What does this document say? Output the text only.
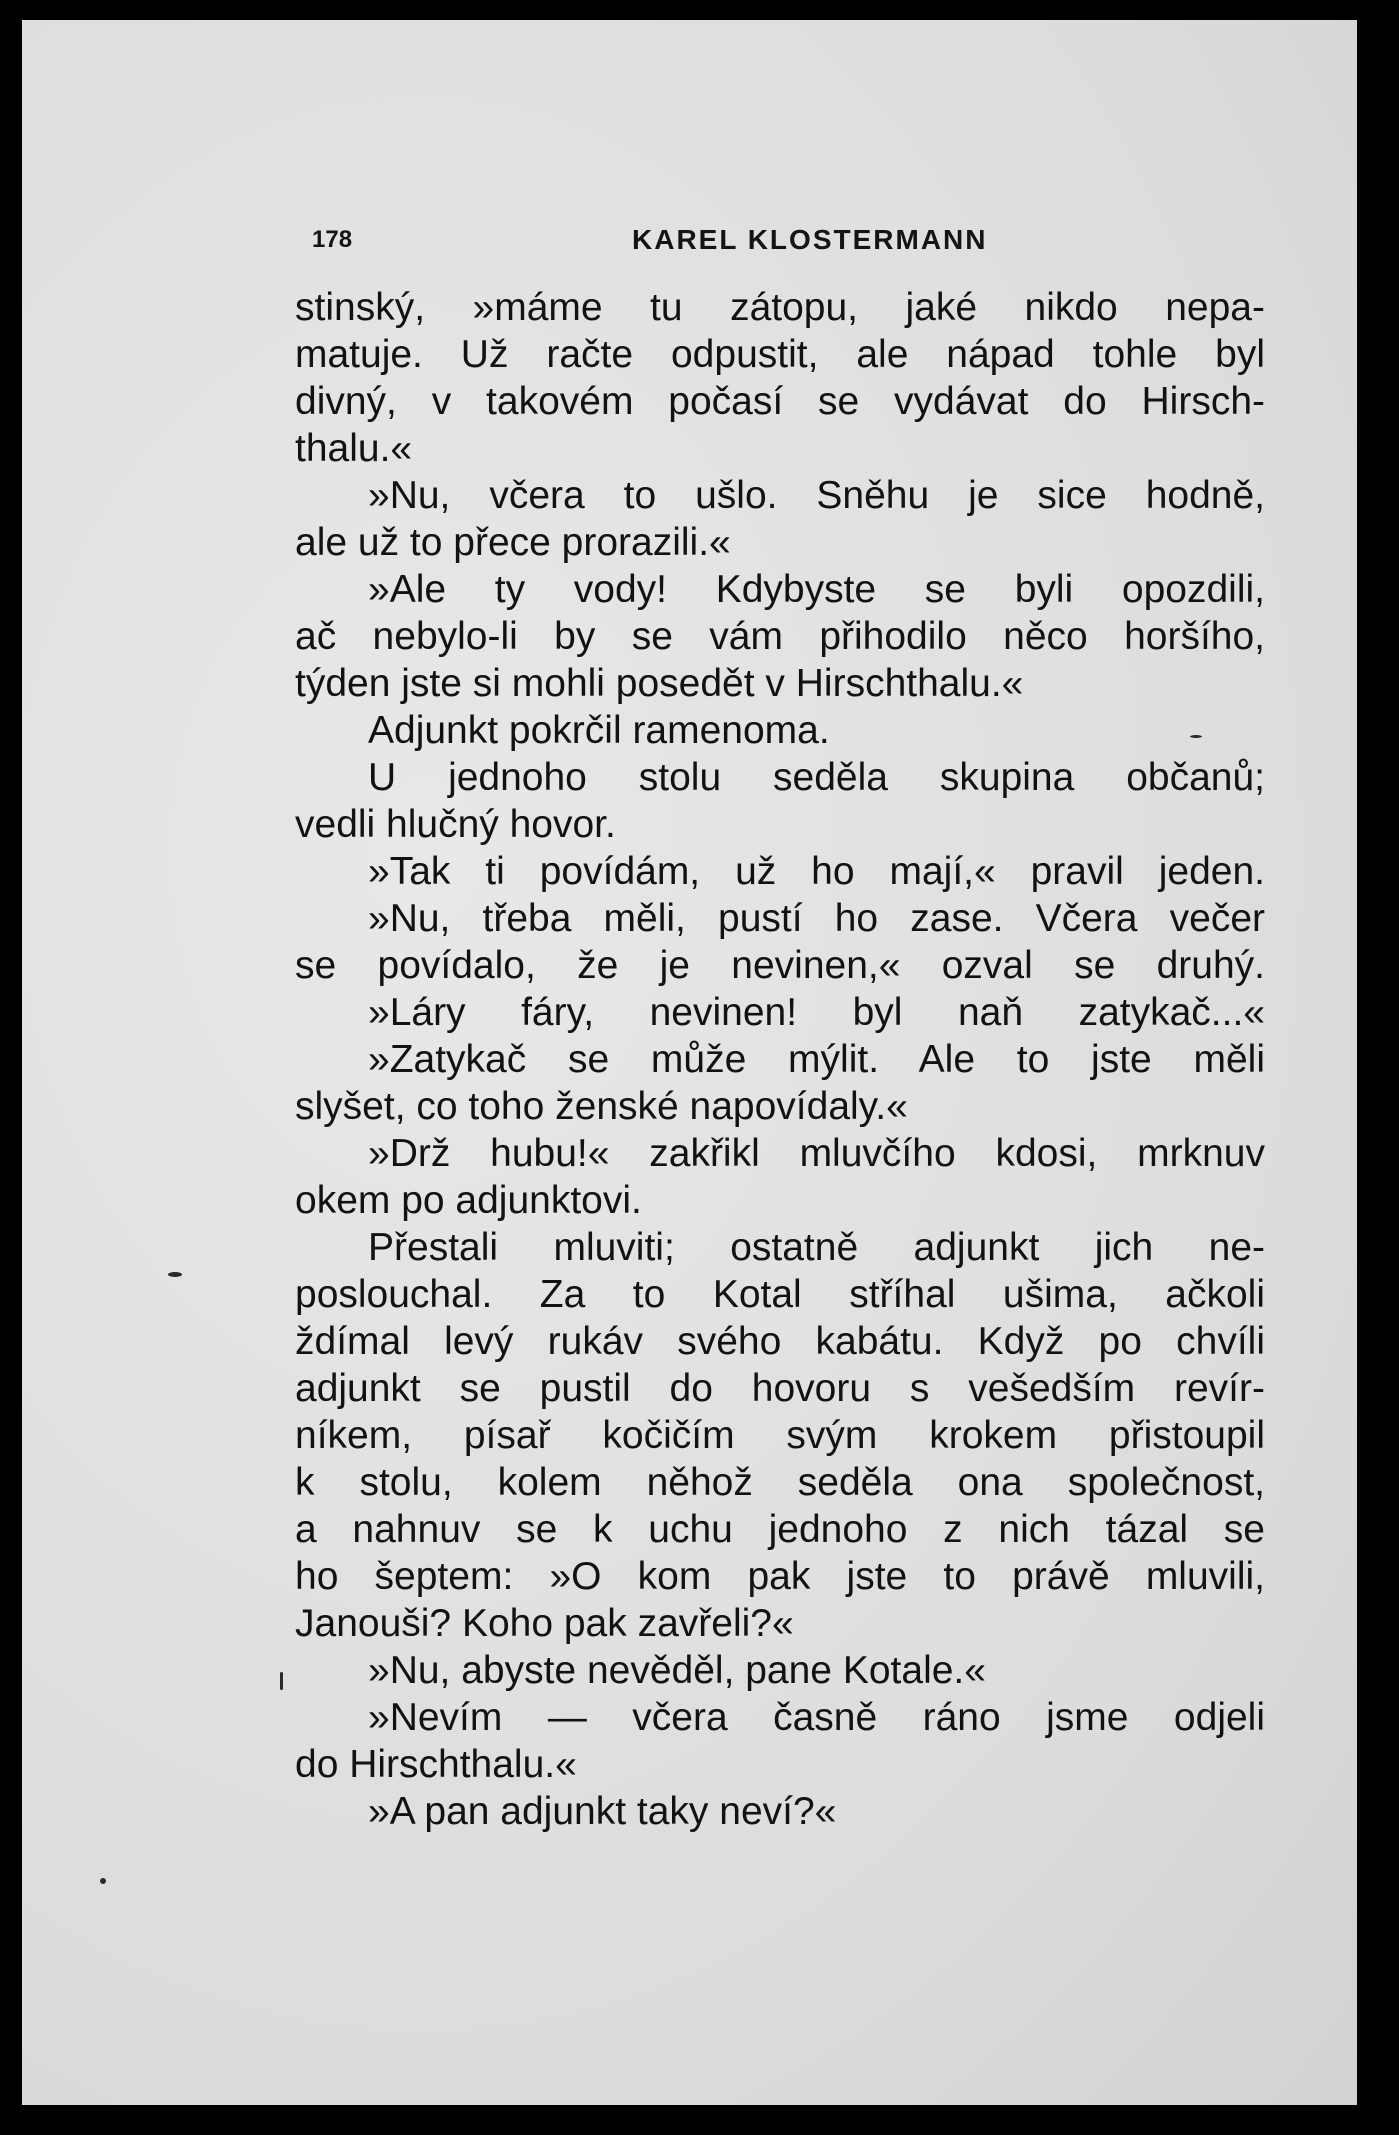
178	KAREL KLOSTERMANN
stinský, »máme tu zátopu, jaké nikdo nepa-
matuje. Už račte odpustit, ale nápad tohle byl
divný, v takovém počasí se vydávat do Hirsch-
thalu.«
»Nu, včera to ušlo. Sněhu je sice hodně,
ale už to přece prorazili.«
»Ale ty vody! Kdybyste se byli opozdili,
ač nebylo-li by se vám přihodilo něco horšího,
týden jste si mohli posedět v Hirschthalu.«
Adjunkt pokrčil ramenoma.
U jednoho stolu seděla skupina občanů;
vedli hlučný hovor.
»Tak ti povídám, už ho mají,« pravil jeden.
»Nu, třeba měli, pustí ho zase. Včera večer
se povídalo, že je nevinen,« ozval se druhý.
»Láry fáry, nevinen! byl naň zatykač...«
»Zatykač se může mýlit. Ale to jste měli
slyšet, co toho ženské napovídaly.«
»Drž hubu!« zakřikl mluvčího kdosi, mrknuv
okem po adjunktovi.
Přestali mluviti; ostatně adjunkt jich ne-
poslouchal. Za to Kotal stříhal ušima, ačkoli
ždímal levý rukáv svého kabátu. Když po chvíli
adjunkt se pustil do hovoru s vešedším revír-
níkem, písař kočičím svým krokem přistoupil
k stolu, kolem něhož seděla ona společnost,
a nahnuv se k uchu jednoho z nich tázal se
ho šeptem: »O kom pak jste to právě mluvili,
Janouši? Koho pak zavřeli?«
»Nu, abyste nevěděl, pane Kotale.«
»Nevím — včera časně ráno jsme odjeli
do Hirschthalu.«
»A pan adjunkt taky neví?«
